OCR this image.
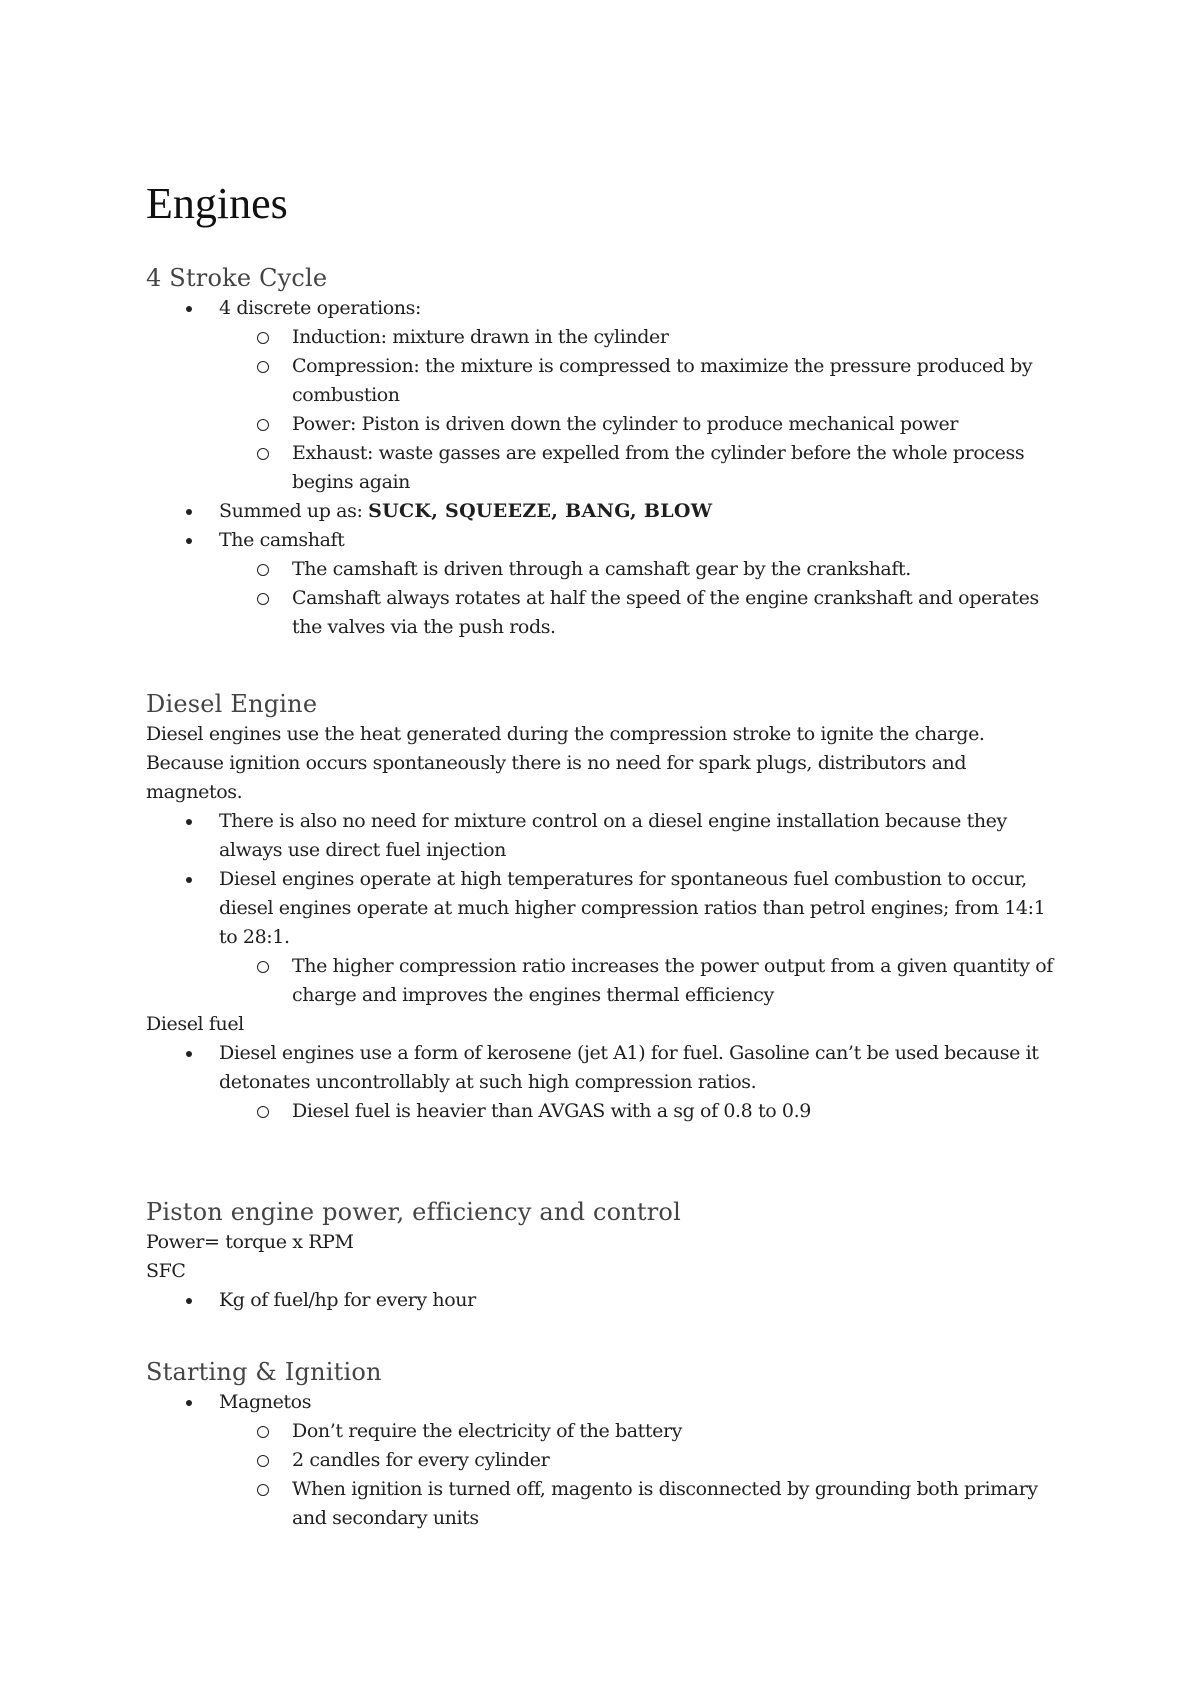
Engines
4 Stroke Cycle
4 discrete operations:
Induction: mixture drawn in the cylinder
Compression: the mixture is compressed to maximize the pressure produced by combustion
Power: Piston is driven down the cylinder to produce mechanical power
Exhaust: waste gasses are expelled from the cylinder before the whole process begins again
Summed up as: SUCK, SQUEEZE, BANG, BLOW
The camshaft
The camshaft is driven through a camshaft gear by the crankshaft.
Camshaft always rotates at half the speed of the engine crankshaft and operates the valves via the push rods.
Diesel Engine

Diesel engines use the heat generated during the compression stroke to ignite the charge. Because ignition occurs spontaneously there is no need for spark plugs, distributors and magnetos.

There is also no need for mixture control on a diesel engine installation because they always use direct fuel injection
Diesel engines operate at high temperatures for spontaneous fuel combustion to occur, diesel engines operate at much higher compression ratios than petrol engines; from 14:1 to 28:1.
The higher compression ratio increases the power output from a given quantity of charge and improves the engines thermal efficiency

Diesel fuel

Diesel engines use a form of kerosene (jet A1) for fuel. Gasoline can’t be used because it detonates uncontrollably at such high compression ratios.
Diesel fuel is heavier than AVGAS with a sg of 0.8 to 0.9
Piston engine power, efficiency and control

Power= torque x RPM

SFC

Kg of fuel/hp for every hour
Starting & Ignition
Magnetos
Don’t require the electricity of the battery
2 candles for every cylinder
When ignition is turned off, magento is disconnected by grounding both primary and secondary units
